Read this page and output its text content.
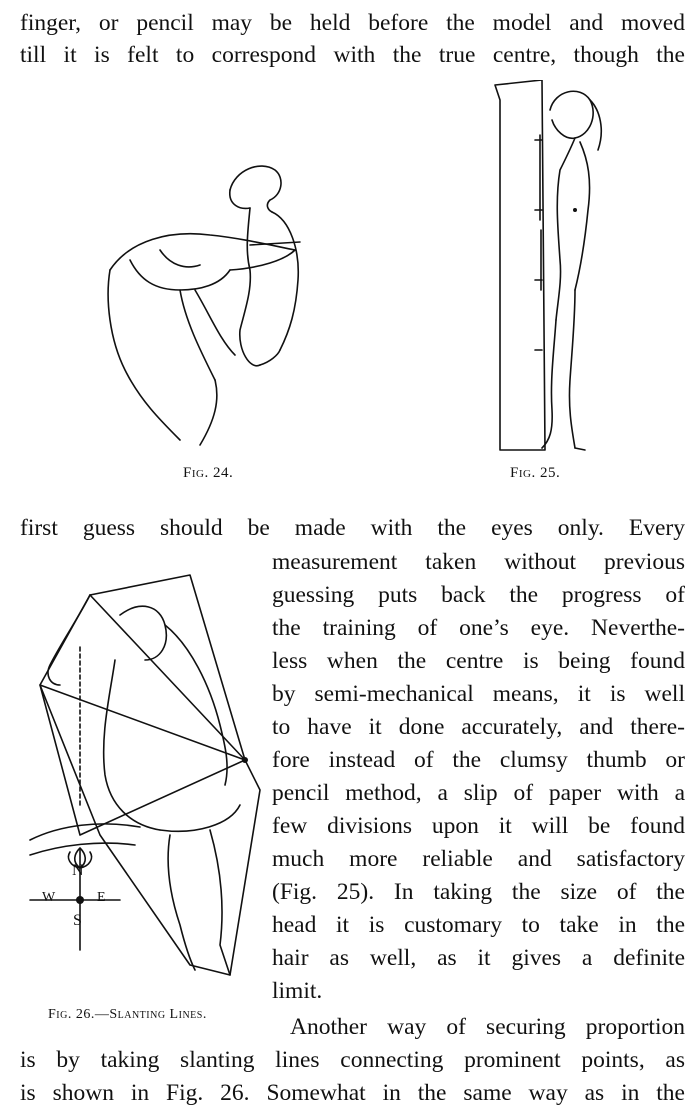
finger, or pencil may be held before the model and moved
till it is felt to correspond with the true centre, though the
Fig. 24.	Fig. 25.
first guess should be made with the eyes only. Every
N
W	E
S
Fig. 26.—Slanting Lines.
measurement taken without previous
guessing puts back the progress of
the training of one’s eye. Neverthe-
less when the centre is being found
by semi-mechanical means, it is well
to have it done accurately, and there-
fore instead of the clumsy thumb or
pencil method, a slip of paper with a
few divisions upon it will be found
much more reliable and satisfactory
(Fig. 25). In taking the size of the
head it is customary to take in the
hair as well, as it gives a definite
limit.
Another way of securing proportion
is by taking slanting lines connecting prominent points, as
is shown in Fig. 26. Somewhat in the same way as in the
